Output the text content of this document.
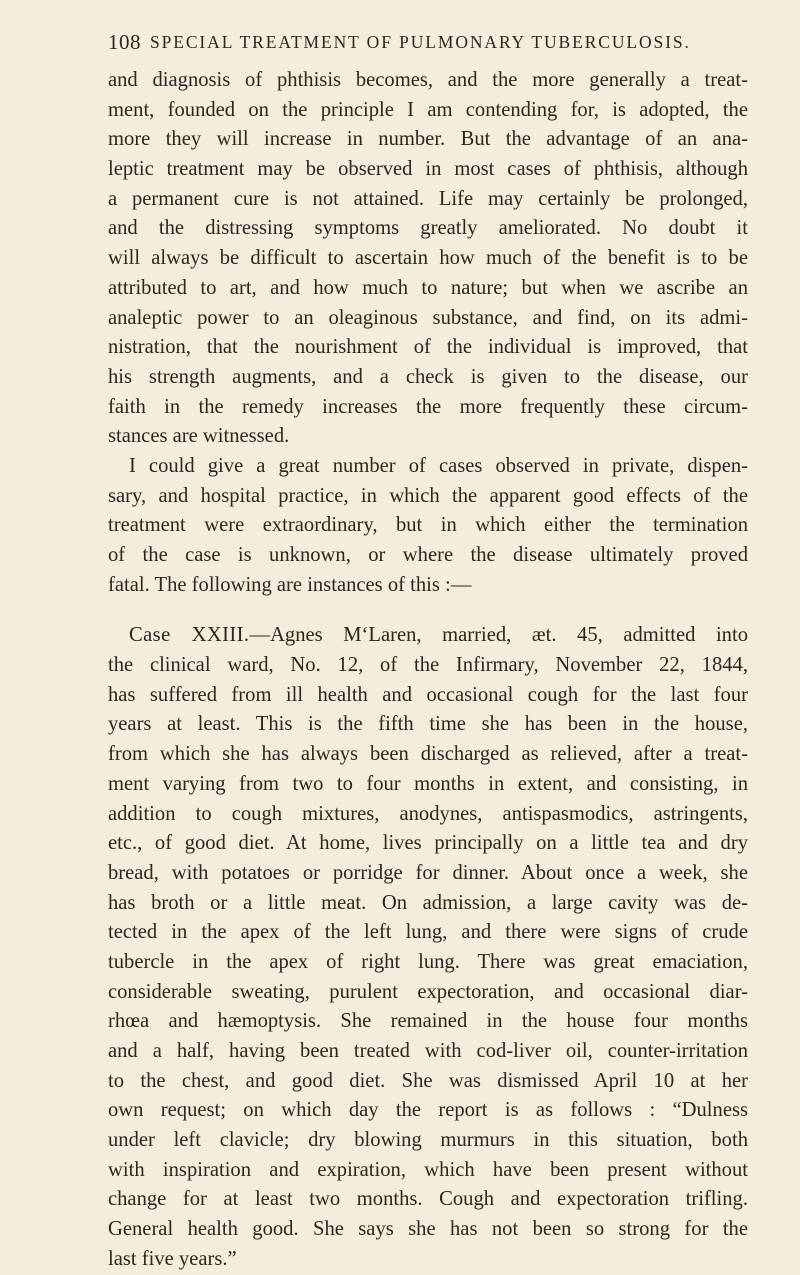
108 SPECIAL TREATMENT OF PULMONARY TUBERCULOSIS.
and diagnosis of phthisis becomes, and the more generally a treat-
ment, founded on the principle I am contending for, is adopted, the
more they will increase in number. But the advantage of an ana-
leptic treatment may be observed in most cases of phthisis, although
a permanent cure is not attained. Life may certainly be prolonged,
and the distressing symptoms greatly ameliorated. No doubt it
will always be difficult to ascertain how much of the benefit is to be
attributed to art, and how much to nature; but when we ascribe an
analeptic power to an oleaginous substance, and find, on its admi-
nistration, that the nourishment of the individual is improved, that
his strength augments, and a check is given to the disease, our
faith in the remedy increases the more frequently these circum-
stances are witnessed.
I could give a great number of cases observed in private, dispen-
sary, and hospital practice, in which the apparent good effects of the
treatment were extraordinary, but in which either the termination
of the case is unknown, or where the disease ultimately proved
fatal. The following are instances of this :—
Case XXIII.—Agnes M‘Laren, married, æt. 45, admitted into
the clinical ward, No. 12, of the Infirmary, November 22, 1844,
has suffered from ill health and occasional cough for the last four
years at least. This is the fifth time she has been in the house,
from which she has always been discharged as relieved, after a treat-
ment varying from two to four months in extent, and consisting, in
addition to cough mixtures, anodynes, antispasmodics, astringents,
etc., of good diet. At home, lives principally on a little tea and dry
bread, with potatoes or porridge for dinner. About once a week, she
has broth or a little meat. On admission, a large cavity was de-
tected in the apex of the left lung, and there were signs of crude
tubercle in the apex of right lung. There was great emaciation,
considerable sweating, purulent expectoration, and occasional diar-
rhœa and hæmoptysis. She remained in the house four months
and a half, having been treated with cod-liver oil, counter-irritation
to the chest, and good diet. She was dismissed April 10 at her
own request; on which day the report is as follows : “Dulness
under left clavicle; dry blowing murmurs in this situation, both
with inspiration and expiration, which have been present without
change for at least two months. Cough and expectoration trifling.
General health good. She says she has not been so strong for the
last five years.”
